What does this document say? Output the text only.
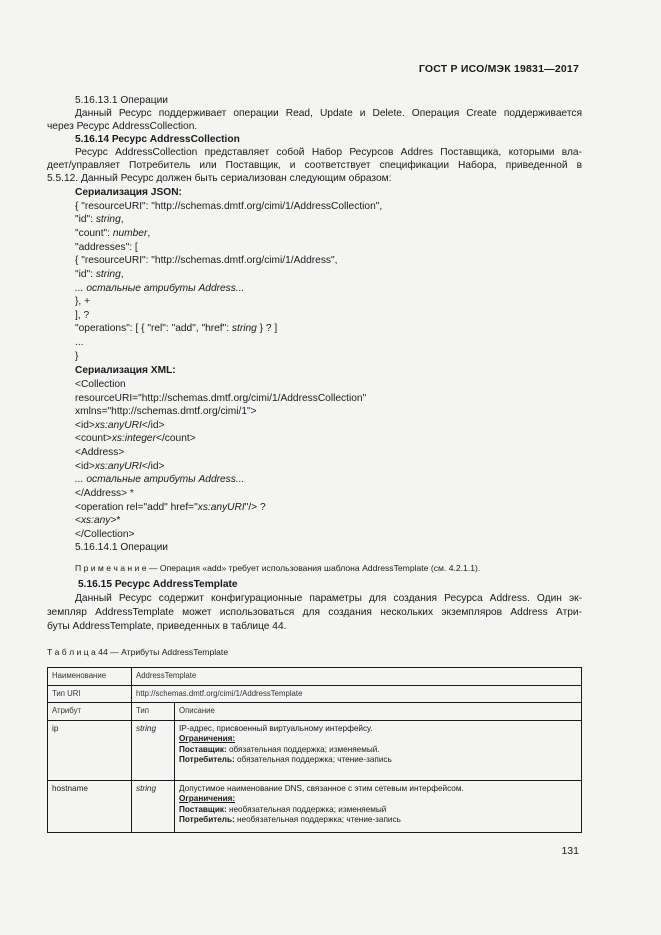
ГОСТ Р ИСО/МЭК 19831—2017
5.16.13.1 Операции
Данный Ресурс поддерживает операции Read, Update и Delete. Операция Create поддерживается
через Ресурс AddressCollection.
5.16.14 Ресурс AddressCollection
Ресурс AddressCollection представляет собой Набор Ресурсов Addres Поставщика, которыми вла-
деет/управляет Потребитель или Поставщик, и соответствует спецификации Набора, приведенной в
5.5.12. Данный Ресурс должен быть сериализован следующим образом:
Сериализация JSON:
{ "resourceURI": "http://schemas.dmtf.org/cimi/1/AddressCollection",
"id": string,
"count": number,
"addresses": [
{ "resourceURI": "http://schemas.dmtf.org/cimi/1/Address",
"id": string,
... остальные атрибуты Address...
}, +
], ?
"operations": [ { "rel": "add", "href": string } ? ]
...
}
Сериализация XML:
<Collection
resourceURI="http://schemas.dmtf.org/cimi/1/AddressCollection"
xmlns="http://schemas.dmtf.org/cimi/1">
<id>xs:anyURI</id>
<count>xs:integer</count>
<Address>
<id>xs:anyURI</id>
... остальные атрибуты Address...
</Address> *
<operation rel="add" href="xs:anyURI"/> ?
<xs:any>*
</Collection>
5.16.14.1 Операции
П р и м е ч а н и е — Операция «add» требует использования шаблона AddressTemplate (см. 4.2.1.1).
5.16.15 Ресурс AddressTemplate
Данный Ресурс содержит конфигурационные параметры для создания Ресурса Address. Один эк-
земпляр AddressTemplate может использоваться для создания нескольких экземпляров Address Атри-
буты AddressTemplate, приведенных в таблице 44.
Т а б л и ц а 44 — Атрибуты AddressTemplate
Наименование	AddressTemplate	
Тип URI	http://schemas.dmtf.org/cimi/1/AddressTemplate	
Атрибут	Тип	Описание
ip	string	IP-адрес, присвоенный виртуальному интерфейсу.
Ограничения:
Поставщик: обязательная поддержка; изменяемый.
Потребитель: обязательная поддержка; чтение-запись

hostname	string	Допустимое наименование DNS, связанное с этим сетевым интерфейсом.
Ограничения:
Поставщик: необязательная поддержка; изменяемый
Потребитель: необязательная поддержка; чтение-запись
131
